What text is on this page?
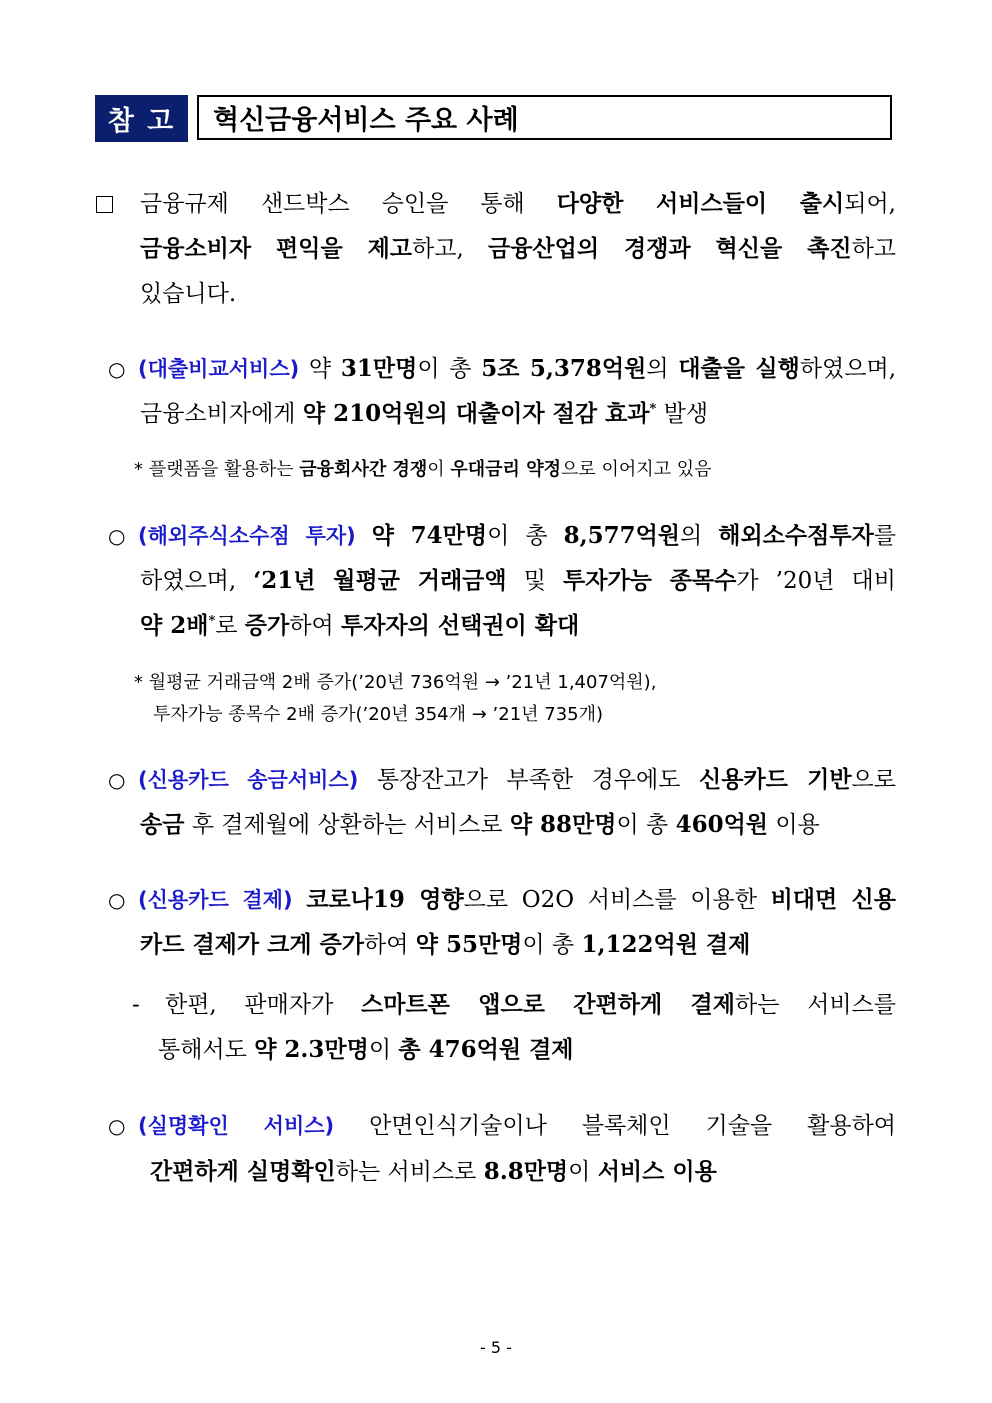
참 고	혁신금융서비스 주요 사례
금융규제 샌드박스 승인을 통해 다양한 서비스들이 출시되어,
금융소비자 편익을 제고하고, 금융산업의 경쟁과 혁신을 촉진하고
있습니다.
○ (대출비교서비스) 약 31만명이 총 5조 5,378억원의 대출을 실행하였으며,
금융소비자에게 약 210억원의 대출이자 절감 효과* 발생
* 플랫폼을 활용하는 금융회사간 경쟁이 우대금리 약정으로 이어지고 있음
○ (해외주식소수점 투자) 약 74만명이 총 8,577억원의 해외소수점투자를
하였으며, ‘21년 월평균 거래금액 및 투자가능 종목수가 ’20년 대비
약 2배*로 증가하여 투자자의 선택권이 확대
* 월평균 거래금액 2배 증가(’20년 736억원 → ’21년 1,407억원),
투자가능 종목수 2배 증가(’20년 354개 → ’21년 735개)
○ (신용카드 송금서비스) 통장잔고가 부족한 경우에도 신용카드 기반으로
송금 후 결제월에 상환하는 서비스로 약 88만명이 총 460억원 이용
○ (신용카드 결제) 코로나19 영향으로 O2O 서비스를 이용한 비대면 신용
카드 결제가 크게 증가하여 약 55만명이 총 1,122억원 결제
- 한편, 판매자가 스마트폰 앱으로 간편하게 결제하는 서비스를
통해서도 약 2.3만명이 총 476억원 결제
○ (실명확인 서비스) 안면인식기술이나 블록체인 기술을 활용하여
간편하게 실명확인하는 서비스로 8.8만명이 서비스 이용
- 5 -
